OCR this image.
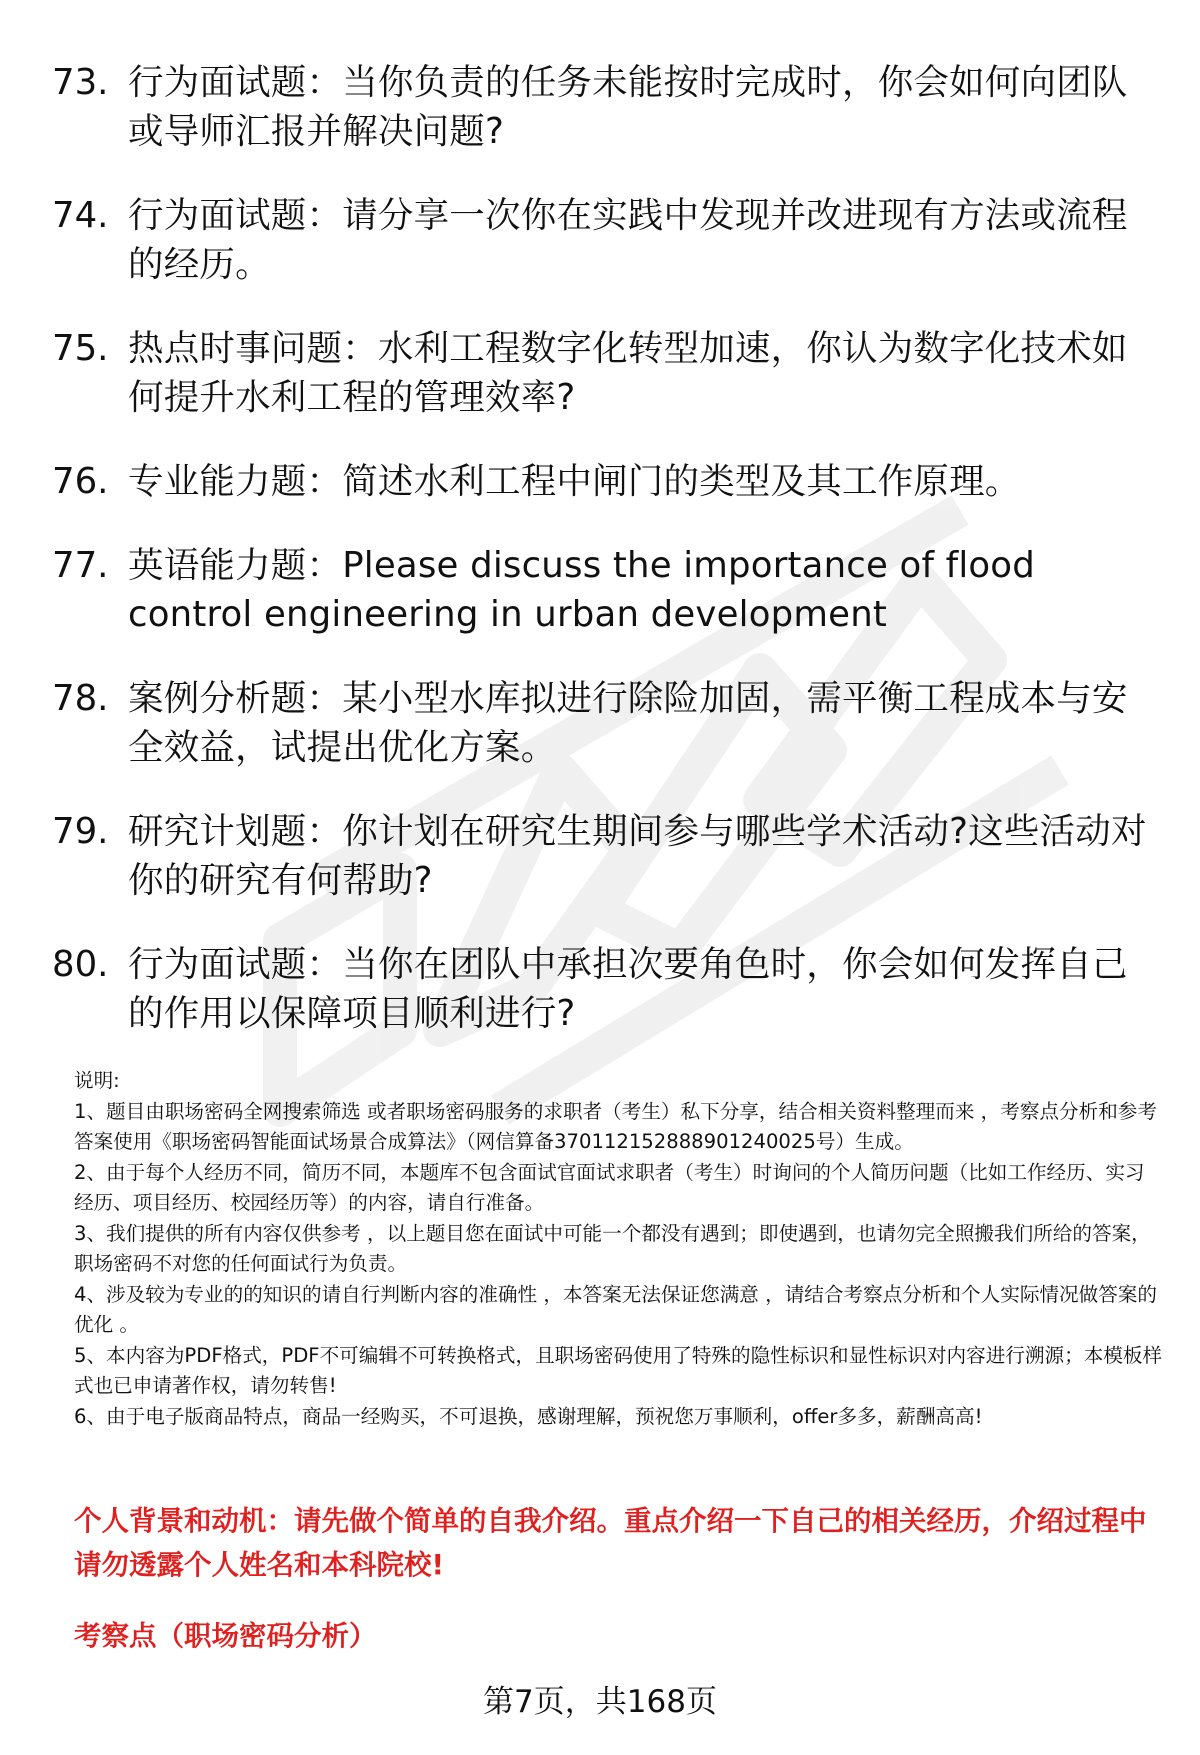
73. 行为面试题：当你负责的任务未能按时完成时，你会如何向团队或导师汇报并解决问题?
74. 行为面试题：请分享一次你在实践中发现并改进现有方法或流程的经历。
75. 热点时事问题：水利工程数字化转型加速，你认为数字化技术如何提升水利工程的管理效率?
76. 专业能力题：简述水利工程中闸门的类型及其工作原理。
77. 英语能力题：Please discuss the importance of flood control engineering in urban development
78. 案例分析题：某小型水库拟进行除险加固，需平衡工程成本与安全效益，试提出优化方案。
79. 研究计划题：你计划在研究生期间参与哪些学术活动?这些活动对你的研究有何帮助?
80. 行为面试题：当你在团队中承担次要角色时，你会如何发挥自己的作用以保障项目顺利进行?

说明:

1、题目由职场密码全网搜索筛选 或者职场密码服务的求职者（考生）私下分享，结合相关资料整理而来 ，考察点分析和参考答案使用《职场密码智能面试场景合成算法》（网信算备370112152888901240025号）生成。

2、由于每个人经历不同，简历不同，本题库不包含面试官面试求职者（考生）时询问的个人简历问题（比如工作经历、实习经历、项目经历、校园经历等）的内容，请自行准备。

3、我们提供的所有内容仅供参考 ，以上题目您在面试中可能一个都没有遇到；即使遇到，也请勿完全照搬我们所给的答案，职场密码不对您的任何面试行为负责。

4、涉及较为专业的的知识的请自行判断内容的准确性 ，本答案无法保证您满意 ，请结合考察点分析和个人实际情况做答案的优化 。

5、本内容为PDF格式，PDF不可编辑不可转换格式，且职场密码使用了特殊的隐性标识和显性标识对内容进行溯源；本模板样式也已申请著作权，请勿转售!

6、由于电子版商品特点，商品一经购买，不可退换，感谢理解，预祝您万事顺利，offer多多，薪酬高高!

个人背景和动机：请先做个简单的自我介绍。重点介绍一下自己的相关经历，介绍过程中请勿透露个人姓名和本科院校!
考察点（职场密码分析）
第7页，共168页
